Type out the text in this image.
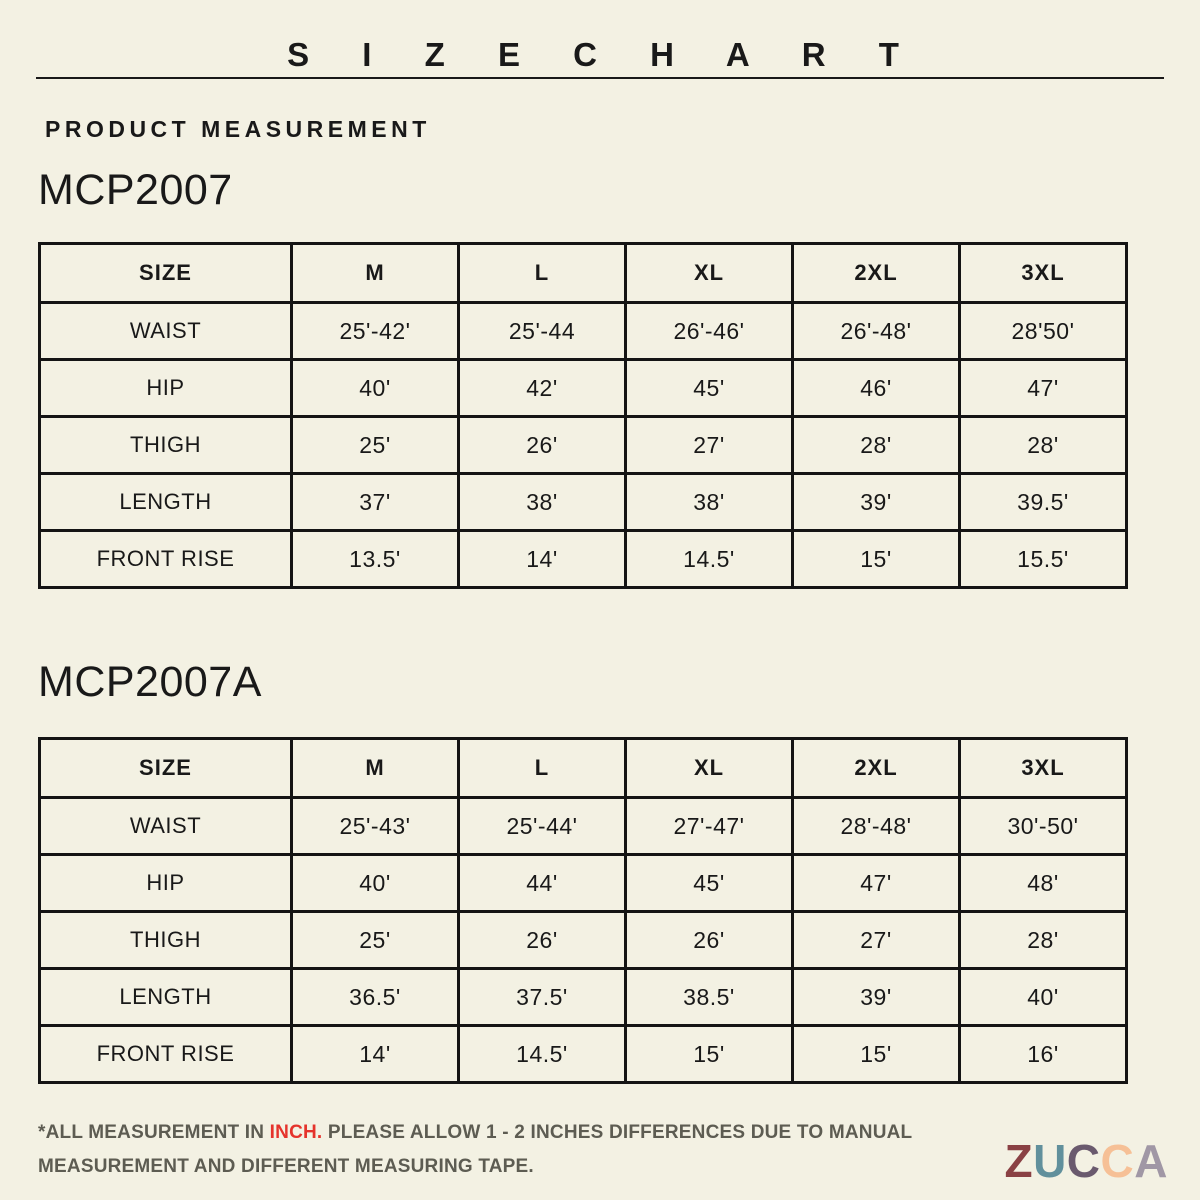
S I Z E C H A R T
PRODUCT MEASUREMENT
MCP2007
SIZE	M	L	XL	2XL	3XL
WAIST	25'-42'	25'-44	26'-46'	26'-48'	28'50'
HIP	40'	42'	45'	46'	47'
THIGH	25'	26'	27'	28'	28'
LENGTH	37'	38'	38'	39'	39.5'
FRONT RISE	13.5'	14'	14.5'	15'	15.5'
MCP2007A
SIZE	M	L	XL	2XL	3XL
WAIST	25'-43'	25'-44'	27'-47'	28'-48'	30'-50'
HIP	40'	44'	45'	47'	48'
THIGH	25'	26'	26'	27'	28'
LENGTH	36.5'	37.5'	38.5'	39'	40'
FRONT RISE	14'	14.5'	15'	15'	16'
*ALL MEASUREMENT IN INCH. PLEASE ALLOW 1 - 2 INCHES DIFFERENCES DUE TO MANUAL
MEASUREMENT AND DIFFERENT MEASURING TAPE.	ZUCCA
